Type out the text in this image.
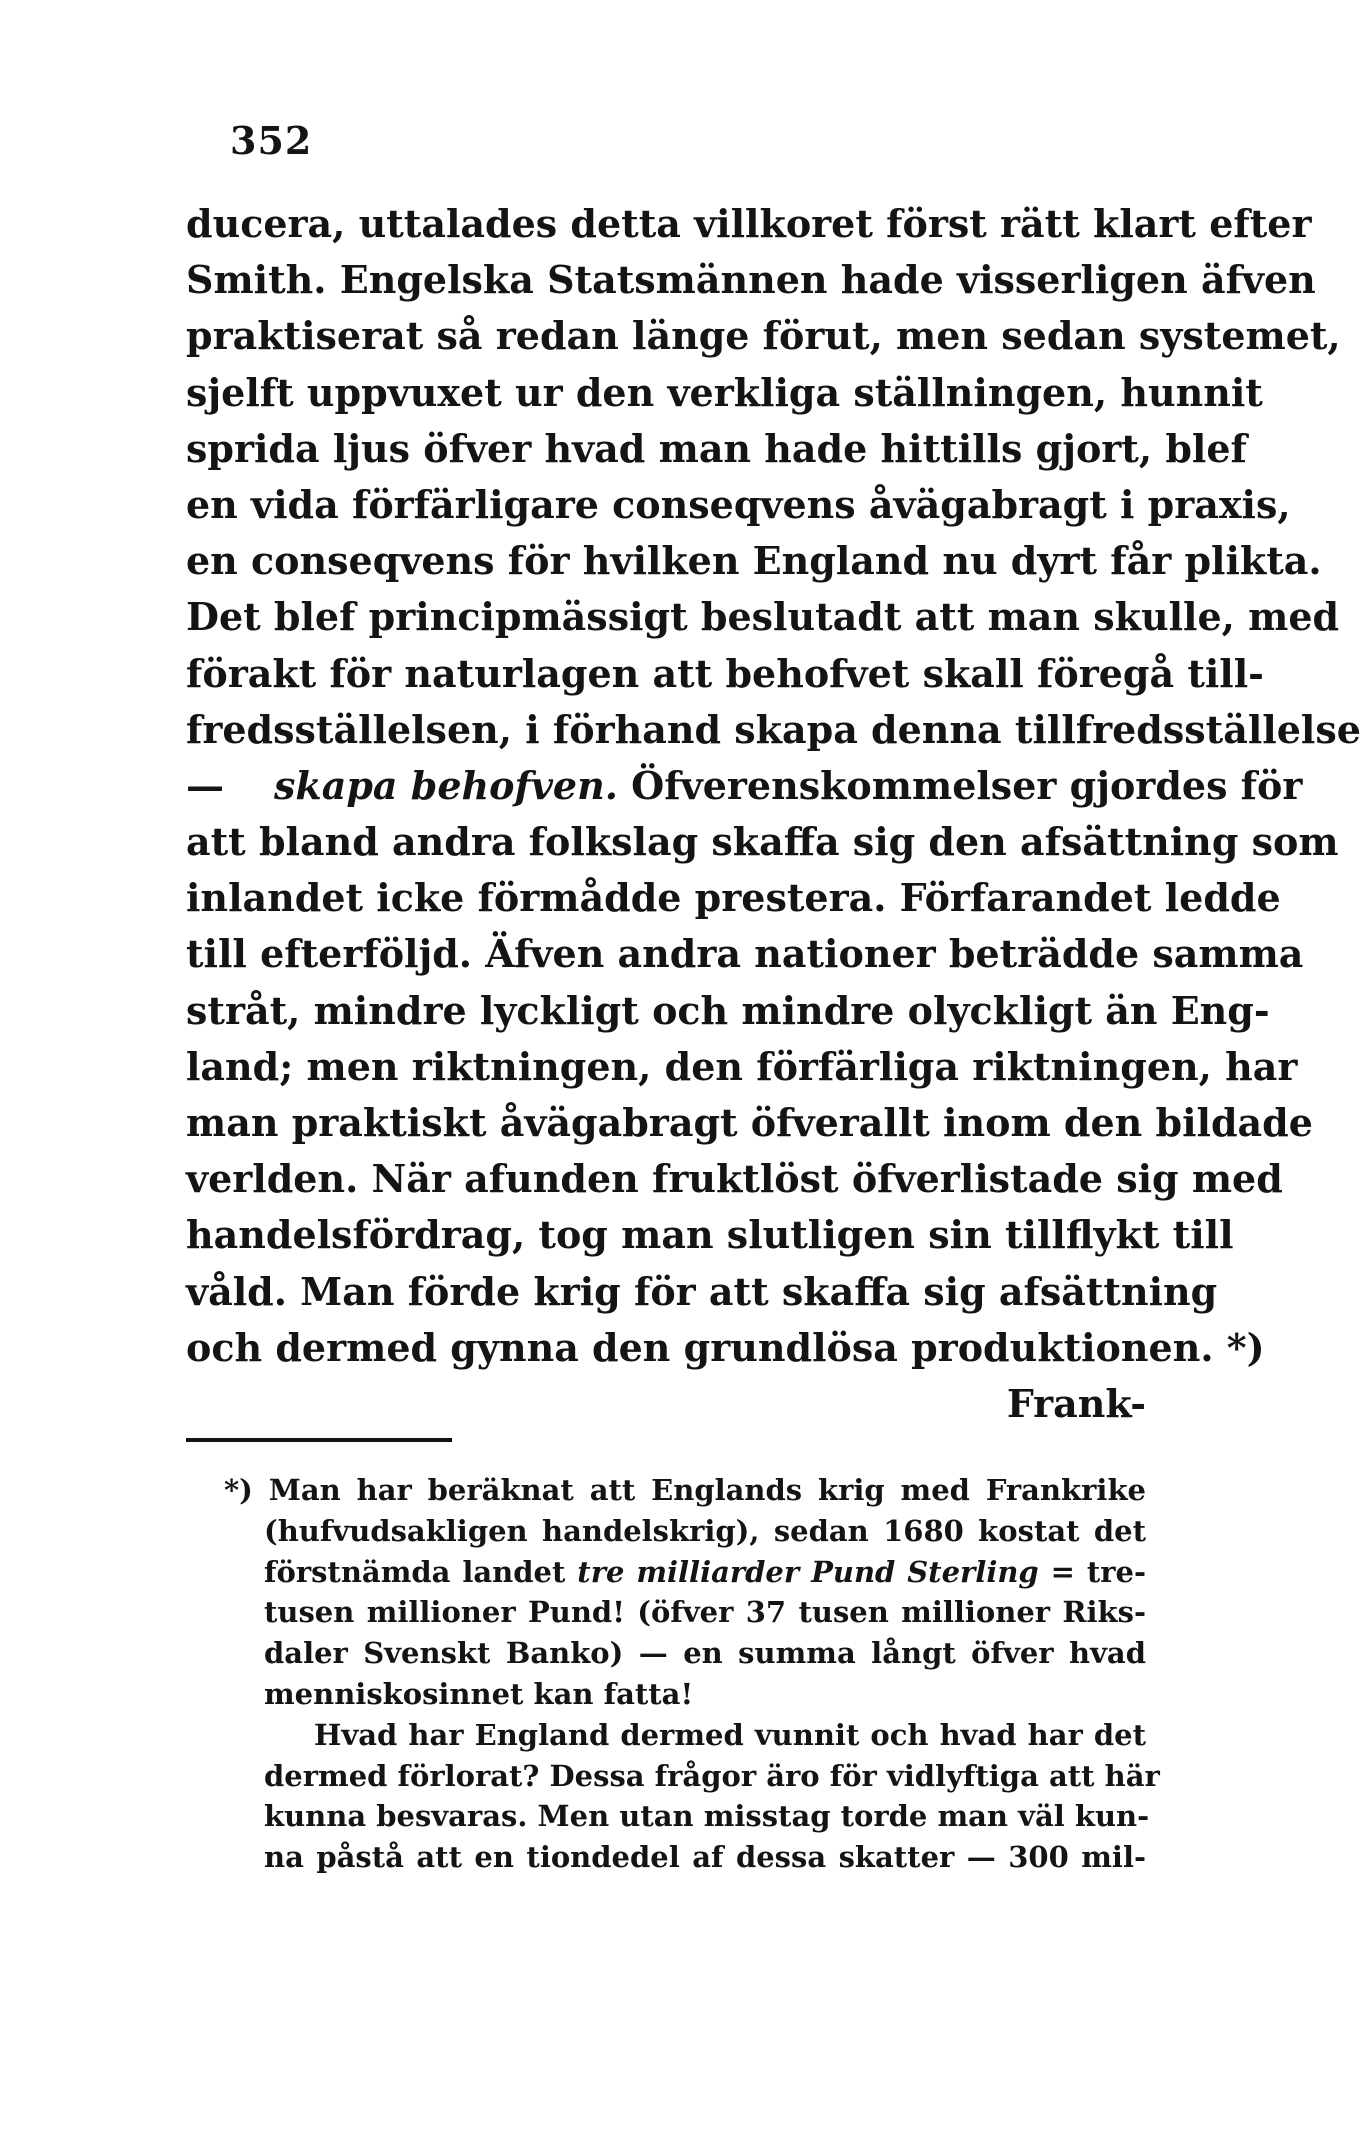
352
ducera, uttalades detta villkoret först rätt klart efter
Smith. Engelska Statsmännen hade visserligen äfven
praktiserat så redan länge förut, men sedan systemet,
sjelft uppvuxet ur den verkliga ställningen, hunnit
sprida ljus öfver hvad man hade hittills gjort, blef
en vida förfärligare conseqvens åvägabragt i praxis,
en conseqvens för hvilken England nu dyrt får plikta.
Det blef principmässigt beslutadt att man skulle, med
förakt för naturlagen att behofvet skall föregå till-
fredsställelsen, i förhand skapa denna tillfredsställelse
— skapa behofven. Öfverenskommelser gjordes för
att bland andra folkslag skaffa sig den afsättning som
inlandet icke förmådde prestera. Förfarandet ledde
till efterföljd. Äfven andra nationer beträdde samma
stråt, mindre lyckligt och mindre olyckligt än Eng-
land; men riktningen, den förfärliga riktningen, har
man praktiskt åvägabragt öfverallt inom den bildade
verlden. När afunden fruktlöst öfverlistade sig med
handelsfördrag, tog man slutligen sin tillflykt till
våld. Man förde krig för att skaffa sig afsättning
och dermed gynna den grundlösa produktionen. *)
Frank-
*) Man har beräknat att Englands krig med Frankrike
(hufvudsakligen handelskrig), sedan 1680 kostat det
förstnämda landet tre milliarder Pund Sterling = tre-
tusen millioner Pund! (öfver 37 tusen millioner Riks-
daler Svenskt Banko) — en summa långt öfver hvad
menniskosinnet kan fatta!
Hvad har England dermed vunnit och hvad har det
dermed förlorat? Dessa frågor äro för vidlyftiga att här
kunna besvaras. Men utan misstag torde man väl kun-
na påstå att en tiondedel af dessa skatter — 300 mil-
